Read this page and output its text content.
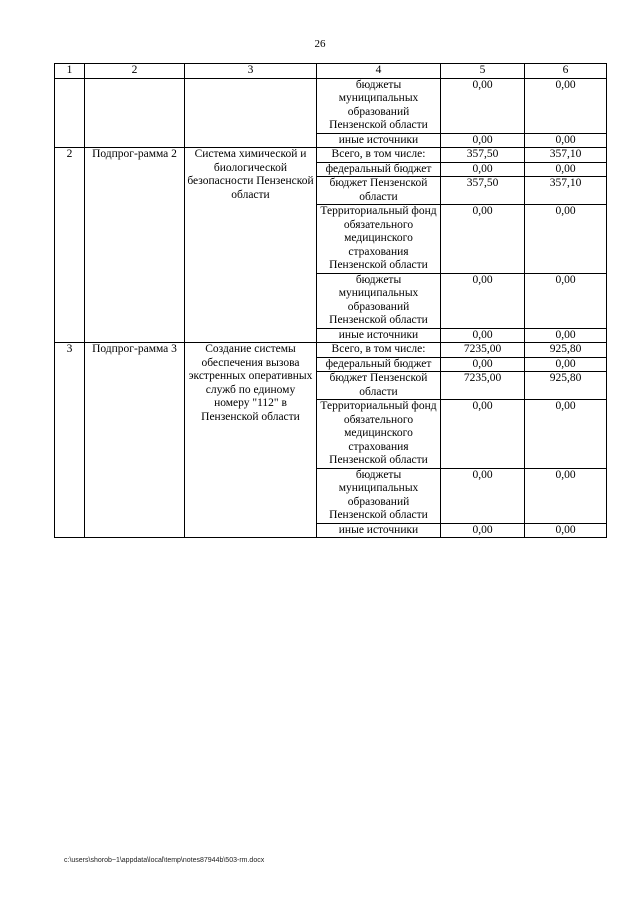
26
1	2	3	4	5	6
			бюджеты муниципальных образований Пензенской области	0,00	0,00
			иные источники	0,00	0,00
2	Подпрог-рамма 2	Система химической и биологической безопасности Пензенской области	Всего, в том числе:	357,50	357,10
			федеральный бюджет	0,00	0,00
			бюджет Пензенской области	357,50	357,10
			Территориальный фонд обязательного медицинского страхования Пензенской области	0,00	0,00
			бюджеты муниципальных образований Пензенской области	0,00	0,00
			иные источники	0,00	0,00
3	Подпрог-рамма 3	Создание системы обеспечения вызова экстренных оперативных служб по единому номеру "112" в Пензенской области	Всего, в том числе:	7235,00	925,80
			федеральный бюджет	0,00	0,00
			бюджет Пензенской области	7235,00	925,80
			Территориальный фонд обязательного медицинского страхования Пензенской области	0,00	0,00
			бюджеты муниципальных образований Пензенской области	0,00	0,00
			иные источники	0,00	0,00
c:\users\shorob~1\appdata\local\temp\notes87944b\503-rm.docx
